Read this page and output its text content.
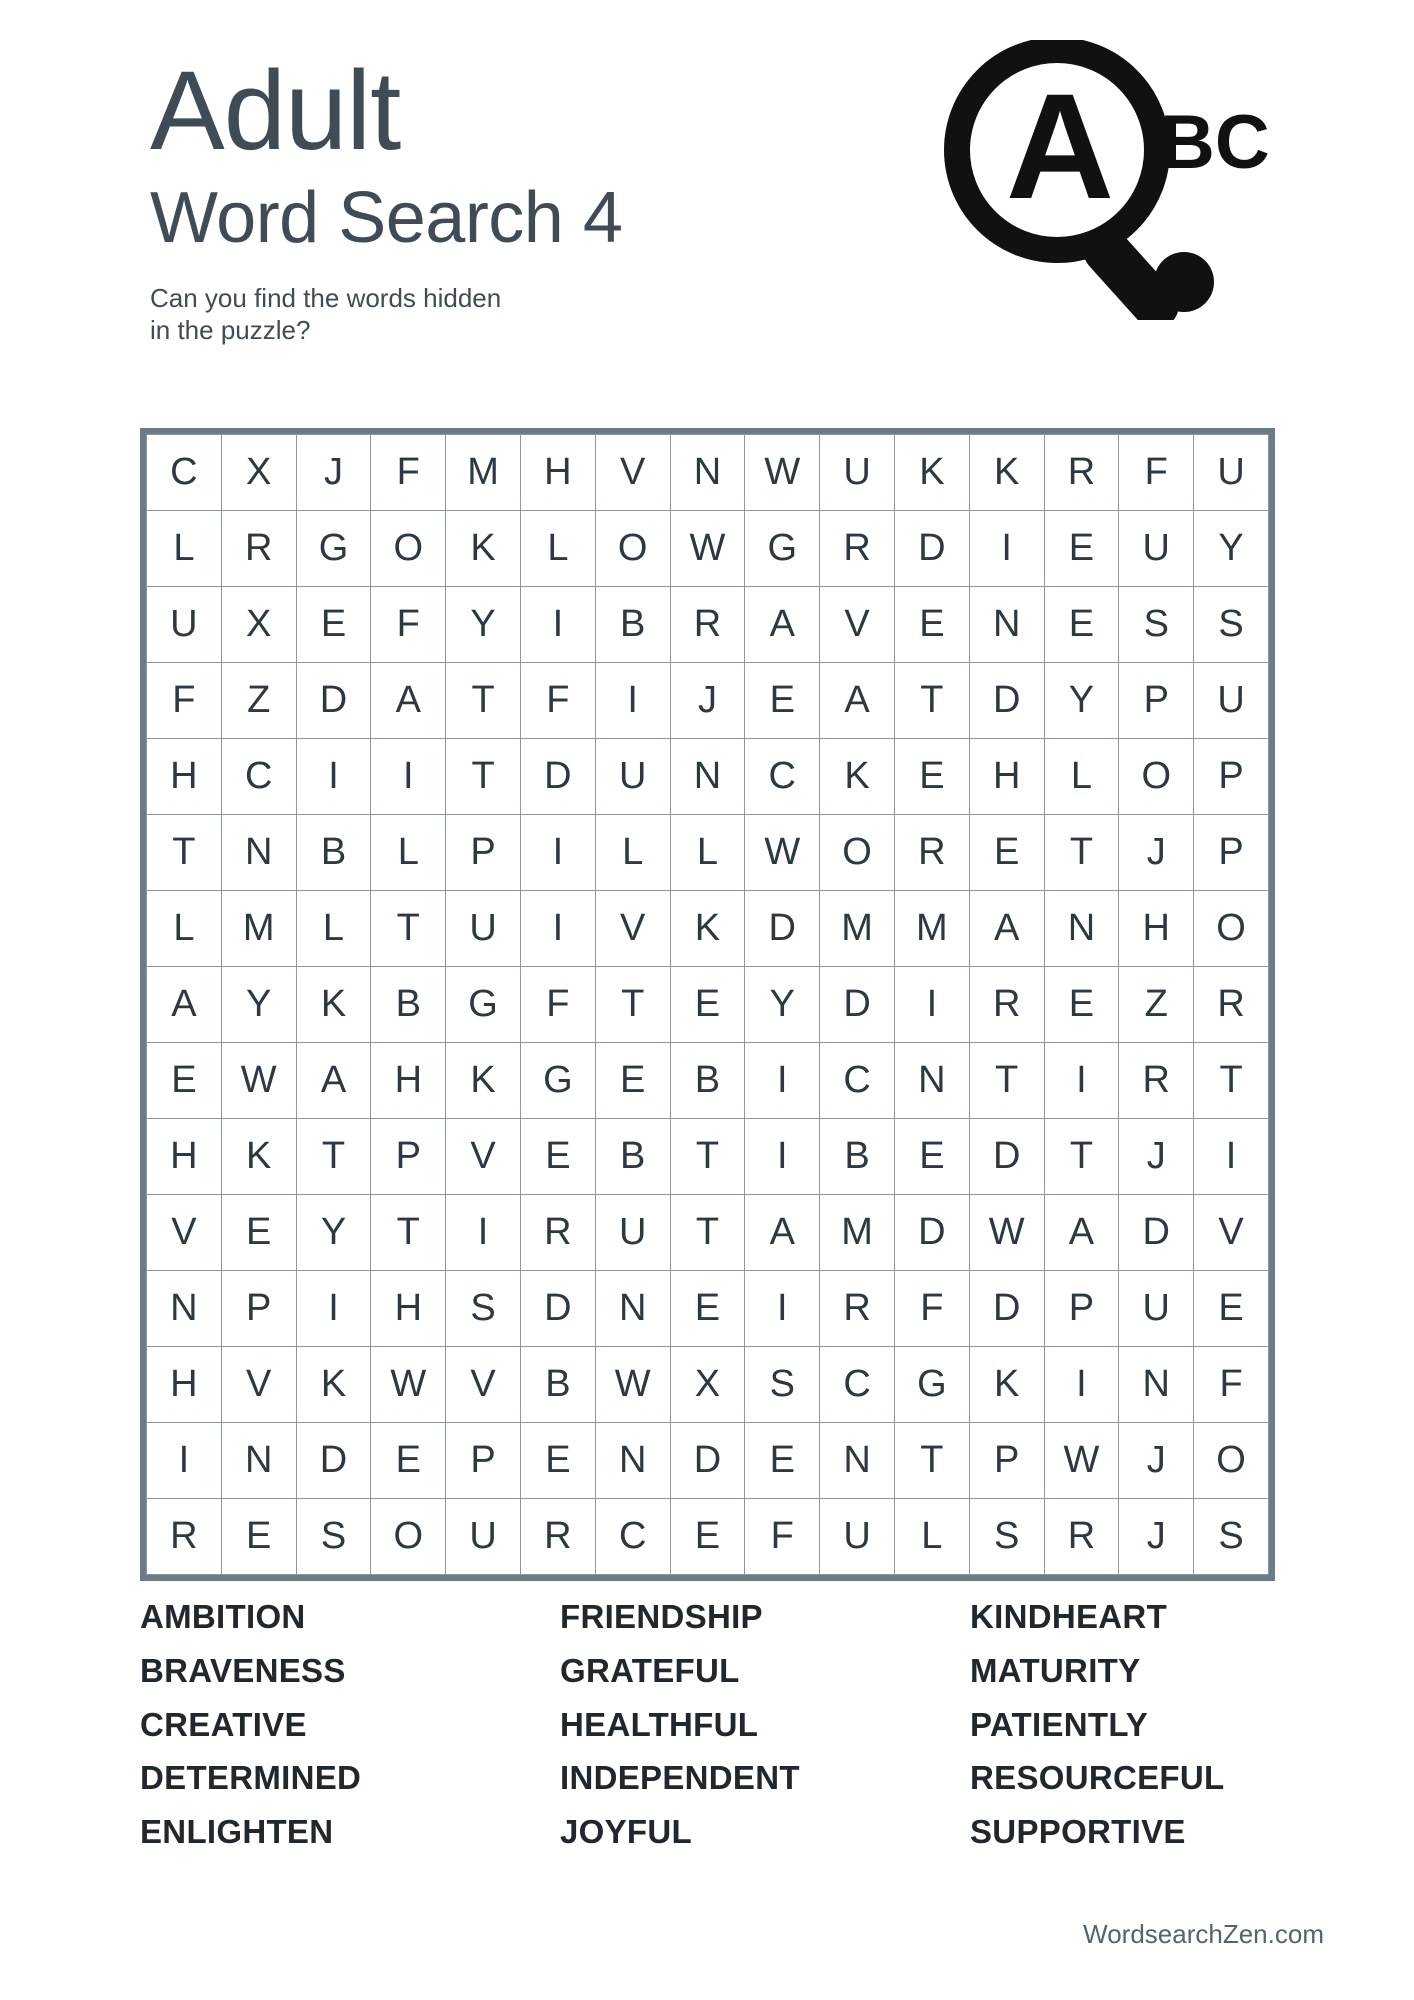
Adult
Word Search 4
Can you find the words hidden
in the puzzle?
A BC
C	X	J	F	M	H	V	N	W	U	K	K	R	F	U
L	R	G	O	K	L	O	W	G	R	D	I	E	U	Y
U	X	E	F	Y	I	B	R	A	V	E	N	E	S	S
F	Z	D	A	T	F	I	J	E	A	T	D	Y	P	U
H	C	I	I	T	D	U	N	C	K	E	H	L	O	P
T	N	B	L	P	I	L	L	W	O	R	E	T	J	P
L	M	L	T	U	I	V	K	D	M	M	A	N	H	O
A	Y	K	B	G	F	T	E	Y	D	I	R	E	Z	R
E	W	A	H	K	G	E	B	I	C	N	T	I	R	T
H	K	T	P	V	E	B	T	I	B	E	D	T	J	I
V	E	Y	T	I	R	U	T	A	M	D	W	A	D	V
N	P	I	H	S	D	N	E	I	R	F	D	P	U	E
H	V	K	W	V	B	W	X	S	C	G	K	I	N	F
I	N	D	E	P	E	N	D	E	N	T	P	W	J	O
R	E	S	O	U	R	C	E	F	U	L	S	R	J	S
AMBITION
BRAVENESS
CREATIVE
DETERMINED
ENLIGHTEN
FRIENDSHIP
GRATEFUL
HEALTHFUL
INDEPENDENT
JOYFUL
KINDHEART
MATURITY
PATIENTLY
RESOURCEFUL
SUPPORTIVE
WordsearchZen.com
